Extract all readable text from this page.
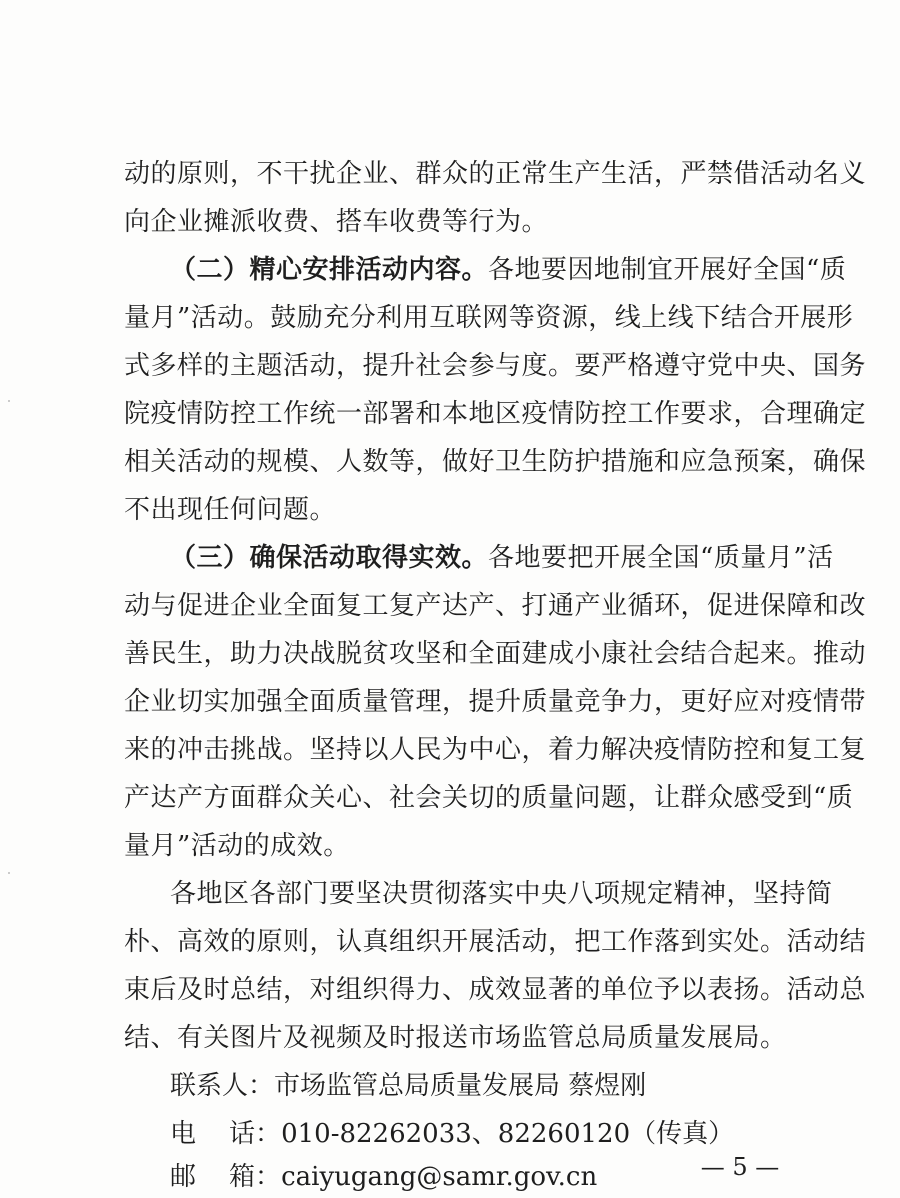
动的原则，不干扰企业、群众的正常生产生活，严禁借活动名义
向企业摊派收费、搭车收费等行为。
（二）精心安排活动内容。各地要因地制宜开展好全国“质
量月”活动。鼓励充分利用互联网等资源，线上线下结合开展形
式多样的主题活动，提升社会参与度。要严格遵守党中央、国务
院疫情防控工作统一部署和本地区疫情防控工作要求，合理确定
相关活动的规模、人数等，做好卫生防护措施和应急预案，确保
不出现任何问题。
（三）确保活动取得实效。各地要把开展全国“质量月”活
动与促进企业全面复工复产达产、打通产业循环，促进保障和改
善民生，助力决战脱贫攻坚和全面建成小康社会结合起来。推动
企业切实加强全面质量管理，提升质量竞争力，更好应对疫情带
来的冲击挑战。坚持以人民为中心，着力解决疫情防控和复工复
产达产方面群众关心、社会关切的质量问题，让群众感受到“质
量月”活动的成效。
各地区各部门要坚决贯彻落实中央八项规定精神，坚持简
朴、高效的原则，认真组织开展活动，把工作落到实处。活动结
束后及时总结，对组织得力、成效显著的单位予以表扬。活动总
结、有关图片及视频及时报送市场监管总局质量发展局。
联系人：市场监管总局质量发展局 蔡煜刚
电    话：010-82262033、82260120（传真）
邮    箱：caiyugang@samr.gov.cn	— 5 —
